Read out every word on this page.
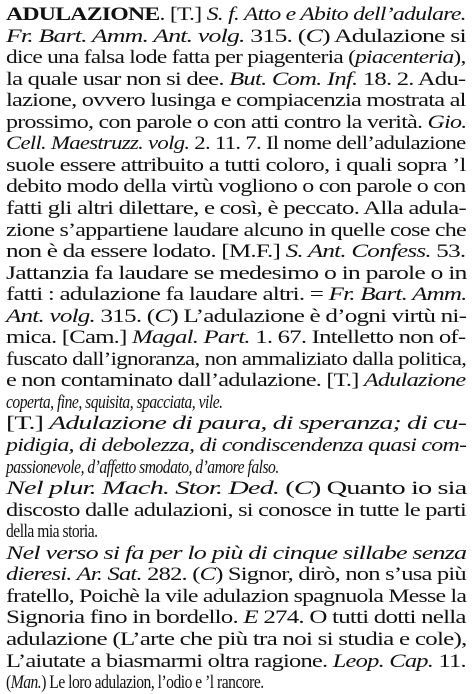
ADULAZIONE. [T.] S. f. Atto e Abito dell’adulare.
Fr. Bart. Amm. Ant. volg. 315. (C) Adulazione si
dice una falsa lode fatta per piagenteria (piacenteria),
la quale usar non si dee. But. Com. Inf. 18. 2. Adu-
lazione, ovvero lusinga e compiacenzia mostrata al
prossimo, con parole o con atti contro la verità. Gio.
Cell. Maestruzz. volg. 2. 11. 7. Il nome dell’adulazione
suole essere attribuito a tutti coloro, i quali sopra ’l
debito modo della virtù vogliono o con parole o con
fatti gli altri dilettare, e così, è peccato. Alla adula-
zione s’appartiene laudare alcuno in quelle cose che
non è da essere lodato. [M.F.] S. Ant. Confess. 53.
Jattanzia fa laudare se medesimo o in parole o in
fatti : adulazione fa laudare altri. = Fr. Bart. Amm.
Ant. volg. 315. (C) L’adulazione è d’ogni virtù ni-
mica. [Cam.] Magal. Part. 1. 67. Intelletto non of-
fuscato dall’ignoranza, non ammaliziato dalla politica,
e non contaminato dall’adulazione. [T.] Adulazione
coperta, fine, squisita, spacciata, vile.
[T.] Adulazione di paura, di speranza; di cu-
pidigia, di debolezza, di condiscendenza quasi com-
passionevole, d’affetto smodato, d’amore falso.
Nel plur. Mach. Stor. Ded. (C) Quanto io sia
discosto dalle adulazioni, si conosce in tutte le parti
della mia storia.
Nel verso si fa per lo più di cinque sillabe senza
dieresi. Ar. Sat. 282. (C) Signor, dirò, non s’usa più
fratello, Poichè la vile adulazion spagnuola Messe la
Signoria fino in bordello. E 274. O tutti dotti nella
adulazione (L’arte che più tra noi si studia e cole),
L’aiutate a biasmarmi oltra ragione. Leop. Cap. 11.
(Man.) Le loro adulazion, l’odio e ’l rancore.
